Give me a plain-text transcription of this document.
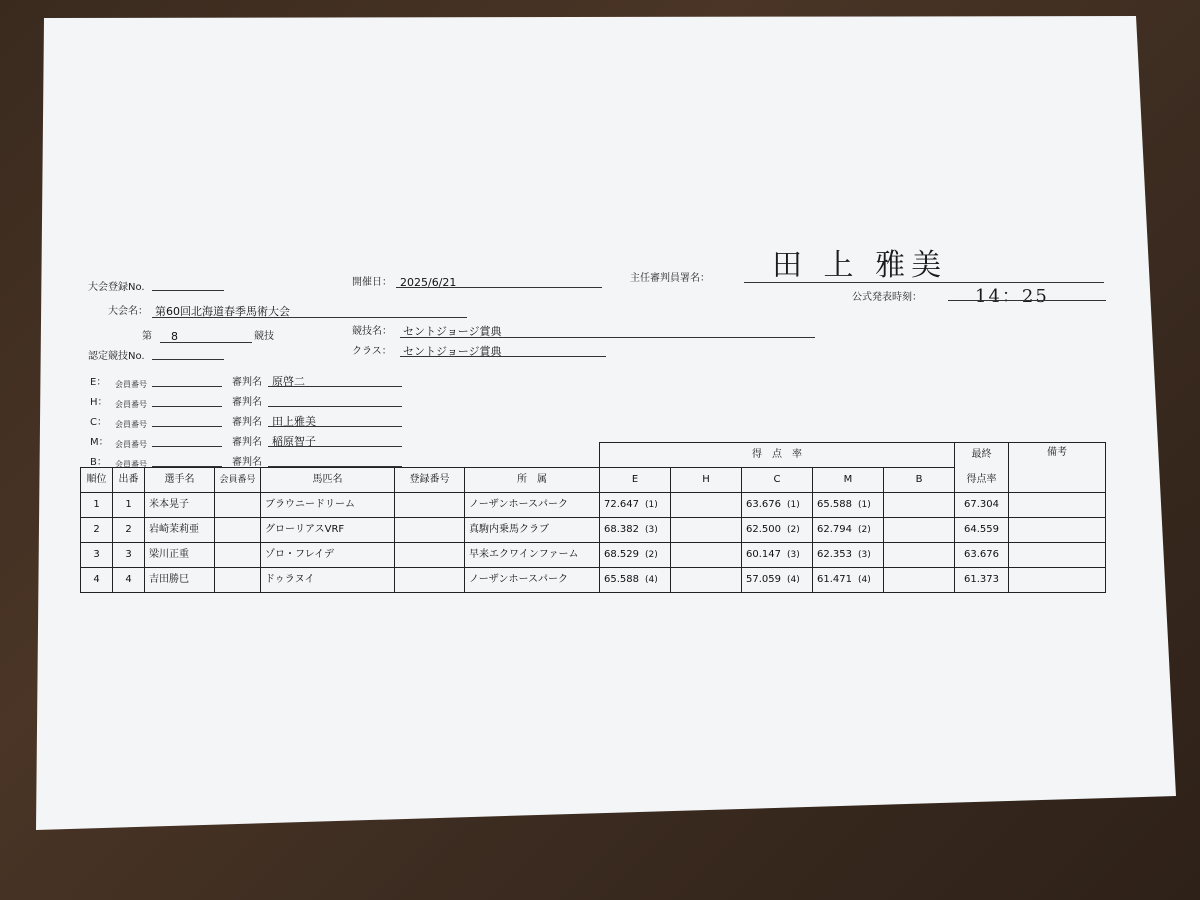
大会登録No.	開催日： 2025/6/21	主任審判員署名： 田 上 雅美
大会名： 第60回北海道春季馬術大会
公式発表時刻：	14：25
第 8	競技	競技名： セントジョージ賞典
認定競技No.	クラス： セントジョージ賞典
E： 会員番号	審判名 原啓二
H： 会員番号	審判名
C： 会員番号	審判名 田上雅美
M： 会員番号	審判名 稲原智子
B： 会員番号	審判名
							得　点　率					最終	備考
順位	出番	選手名	会員番号	馬匹名	登録番号	所　属	E	H	C	M	B	得点率	
1	1	米本晃子		ブラウニードリーム		ノーザンホースパーク	72.647 (1)		63.676 (1)	65.588 (1)		67.304	
2	2	岩崎茉莉亜		グローリアスVRF		真駒内乗馬クラブ	68.382 (3)		62.500 (2)	62.794 (2)		64.559	
3	3	梁川正重		ゾロ・フレイデ		早来エクワインファーム	68.529 (2)		60.147 (3)	62.353 (3)		63.676	
4	4	吉田勝巳		ドゥラヌイ		ノーザンホースパーク	65.588 (4)		57.059 (4)	61.471 (4)		61.373	
